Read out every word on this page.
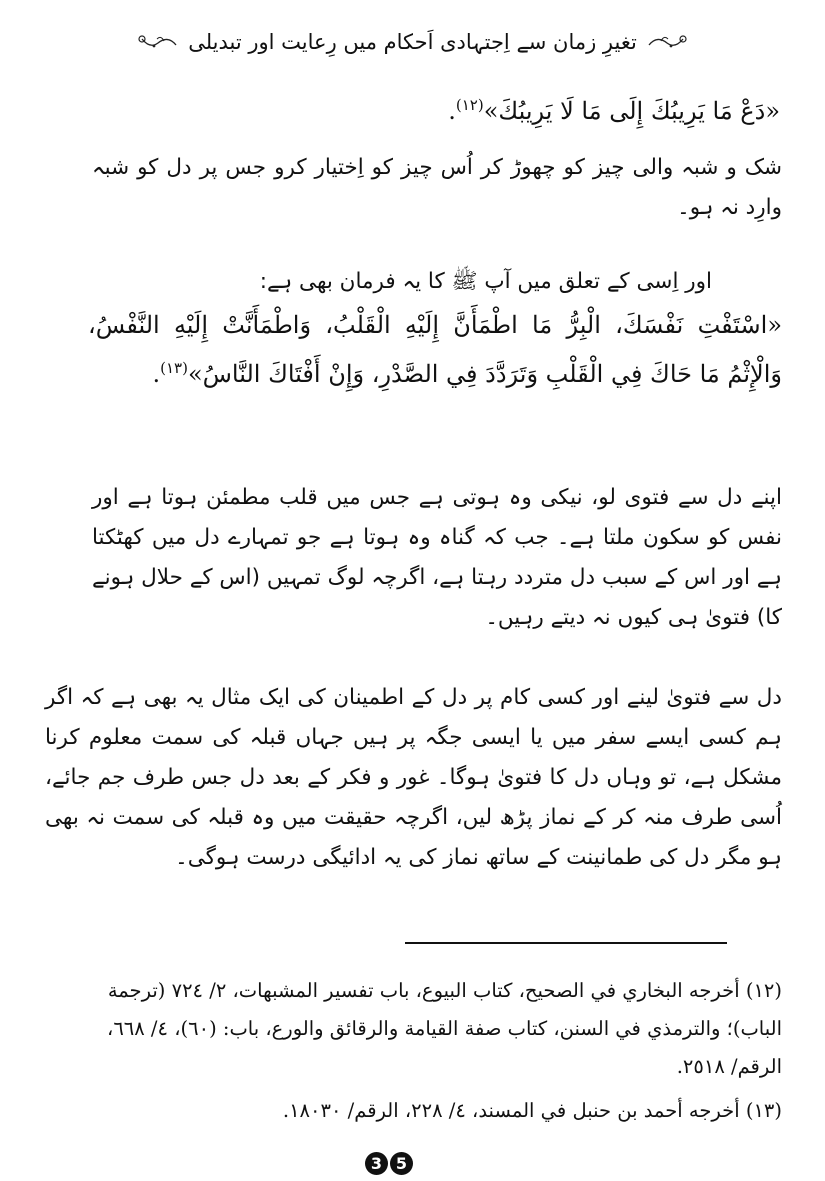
تغیرِ زمان سے اِجتہادی اَحکام میں رِعایت اور تبدیلی

«دَعْ مَا يَرِيبُكَ إِلَى مَا لَا يَرِيبُكَ»$^{(١٢)}$.

شک و شبہ والی چیز کو چھوڑ کر اُس چیز کو اِختیار کرو جس پر دل کو شبہ وارِد نہ ہو۔

اور اِسی کے تعلق میں آپ ﷺ کا یہ فرمان بھی ہے:

«اسْتَفْتِ نَفْسَكَ، الْبِرُّ مَا اطْمَأَنَّ إِلَيْهِ الْقَلْبُ، وَاطْمَأَنَّتْ إِلَيْهِ النَّفْسُ، وَالْإِثْمُ مَا حَاكَ فِي الْقَلْبِ وَتَرَدَّدَ فِي الصَّدْرِ، وَإِنْ أَفْتَاكَ النَّاسُ»$^{(١٣)}$.

اپنے دل سے فتوی لو، نیکی وہ ہوتی ہے جس میں قلب مطمئن ہوتا ہے اور نفس کو سکون ملتا ہے۔ جب کہ گناہ وہ ہوتا ہے جو تمہارے دل میں کھٹکتا ہے اور اس کے سبب دل متردد رہتا ہے، اگرچہ لوگ تمہیں (اس کے حلال ہونے کا) فتویٰ ہی کیوں نہ دیتے رہیں۔

دل سے فتویٰ لینے اور کسی کام پر دل کے اطمینان کی ایک مثال یہ بھی ہے کہ اگر ہم کسی ایسے سفر میں یا ایسی جگہ پر ہیں جہاں قبلہ کی سمت معلوم کرنا مشکل ہے، تو وہاں دل کا فتویٰ ہوگا۔ غور و فکر کے بعد دل جس طرف جم جائے، اُسی طرف منہ کر کے نماز پڑھ لیں، اگرچہ حقیقت میں وہ قبلہ کی سمت نہ بھی ہو مگر دل کی طمانینت کے ساتھ نماز کی یہ ادائیگی درست ہوگی۔

(١٢) أخرجه البخاري في الصحيح، كتاب البيوع، باب تفسير المشبهات، ٢/ ٧٢٤ (ترجمة الباب)؛ والترمذي في السنن، كتاب صفة القيامة والرقائق والورع، باب: (٦٠)، ٤/ ٦٦٨، الرقم/ ٢٥١٨.

(١٣) أخرجه أحمد بن حنبل في المسند، ٤/ ٢٢٨، الرقم/ ١٨٠٣٠.

3 5
